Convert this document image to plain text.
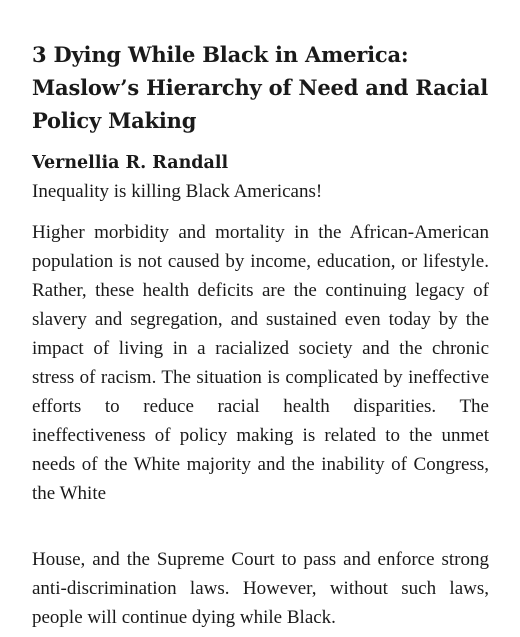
3 Dying While Black in America: Maslow’s Hierarchy of Need and Racial Policy Making

Vernellia R. Randall

Inequality is killing Black Americans!

Higher morbidity and mortality in the African-American population is not caused by income, education, or lifestyle. Rather, these health deficits are the continuing legacy of slavery and segregation, and sustained even today by the impact of living in a racialized society and the chronic stress of racism. The situation is complicated by ineffective efforts to reduce racial health disparities. The ineffectiveness of policy making is related to the unmet needs of the White majority and the inability of Congress, the White

House, and the Supreme Court to pass and enforce strong anti-discrimination laws. However, without such laws, people will continue dying while Black.
